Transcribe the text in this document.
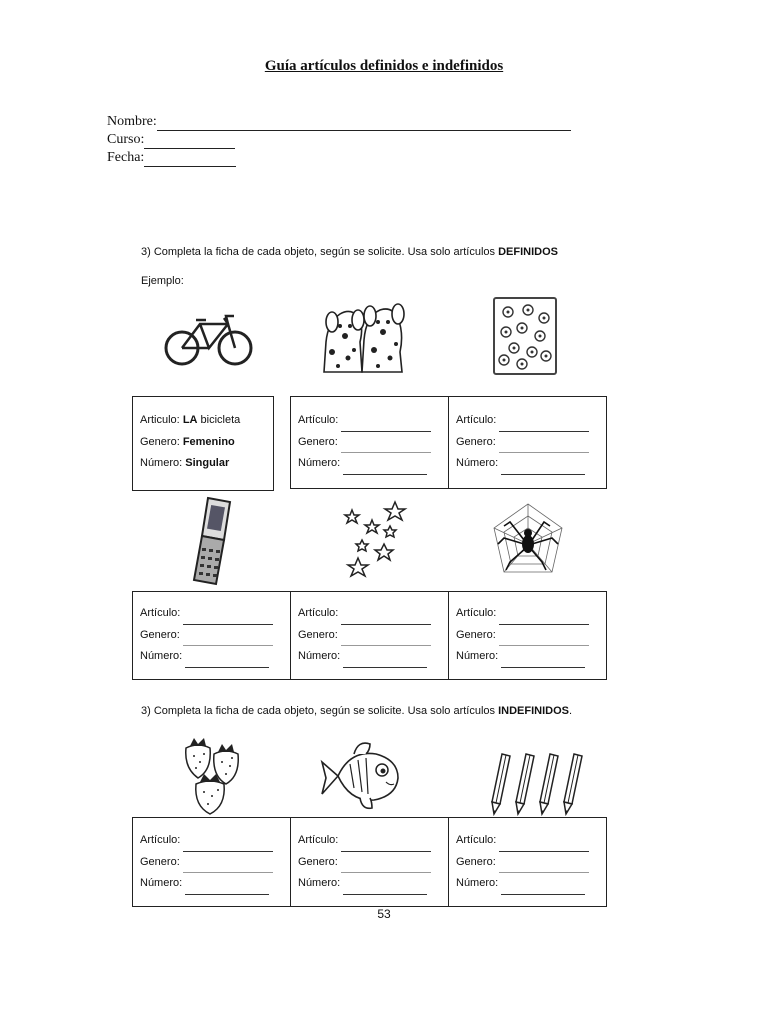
Guía artículos definidos e indefinidos
Nombre:
Curso:
Fecha:
3) Completa la ficha de cada objeto, según se solicite. Usa solo artículos DEFINIDOS
Ejemplo:
Articulo: LA bicicleta
Genero: Femenino
Número: Singular
Artículo:
Genero:
Número:
Artículo:
Genero:
Número:
Artículo:
Genero:
Número:
Artículo:
Genero:
Número:
Artículo:
Genero:
Número:
3) Completa la ficha de cada objeto, según se solicite. Usa solo artículos INDEFINIDOS.
Artículo:
Genero:
Número:
Artículo:
Genero:
Número:
Artículo:
Genero:
Número:
53
